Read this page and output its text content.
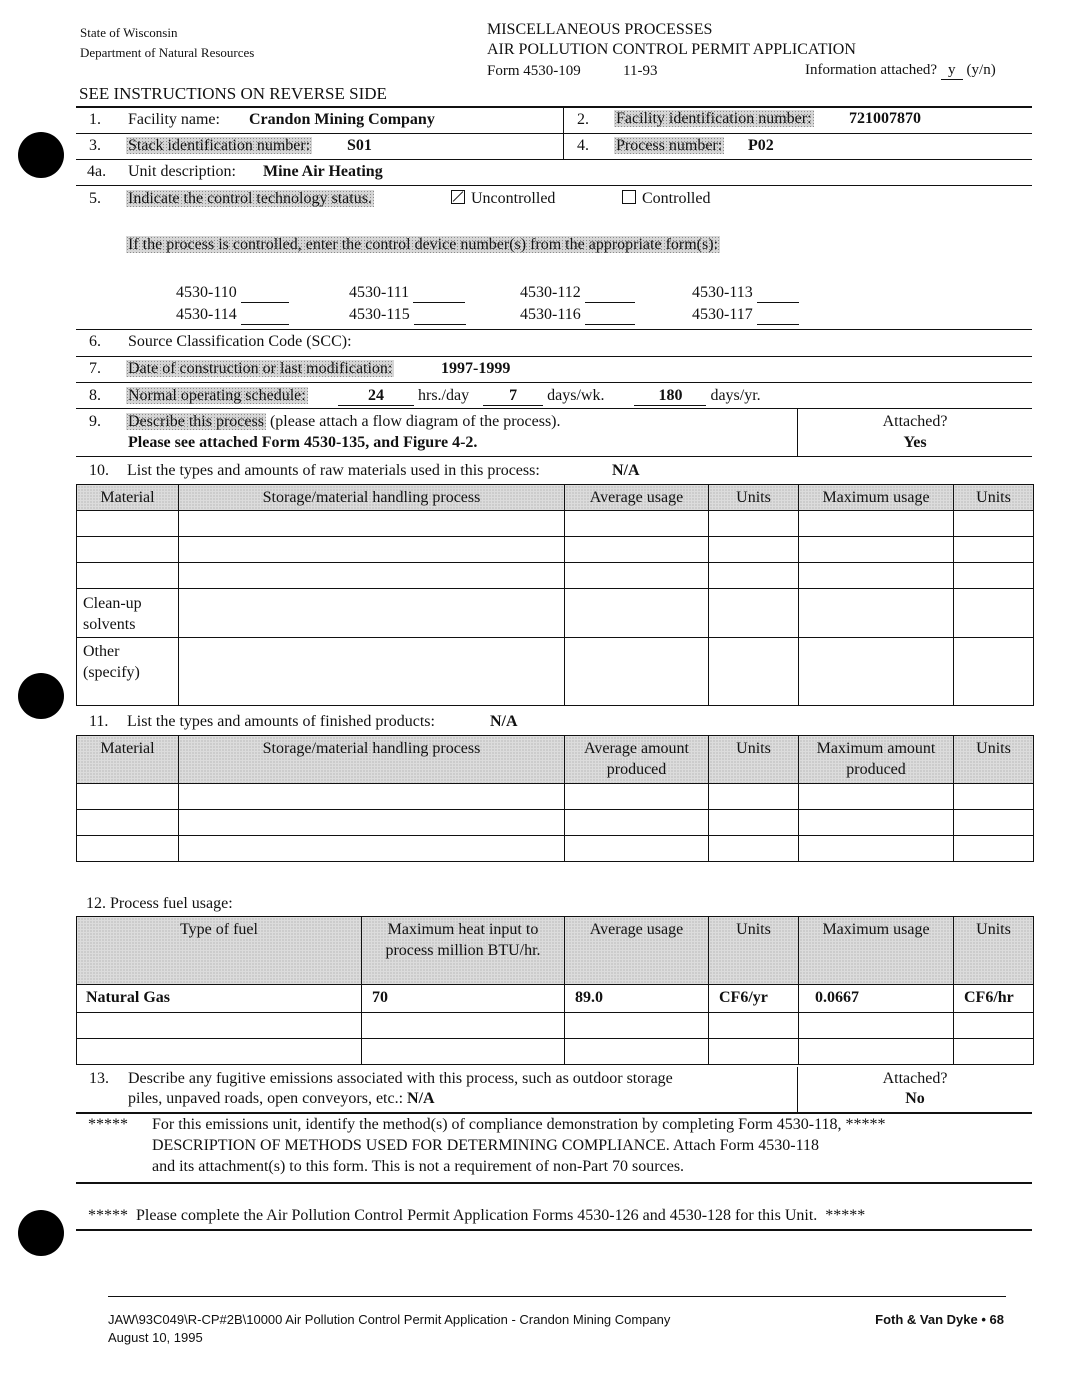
State of Wisconsin
Department of Natural Resources
MISCELLANEOUS PROCESSES
AIR POLLUTION CONTROL PERMIT APPLICATION
Form 4530-109	11-93	Information attached? y (y/n)
SEE INSTRUCTIONS ON REVERSE SIDE
1. Facility name: Crandon Mining Company	2. Facility identification number: 721007870
3. Stack identification number: S01	4. Process number: P02
4a. Unit description: Mine Air Heating
5. Indicate the control technology status.	Uncontrolled	Controlled
If the process is controlled, enter the control device number(s) from the appropriate form(s):
4530-110	4530-111	4530-112	4530-113
4530-114	4530-115	4530-116	4530-117
6. Source Classification Code (SCC):
7. Date of construction or last modification:	1997-1999
8. Normal operating schedule:	24 hrs./day	7 days/wk.	180 days/yr.
9. Describe this process (please attach a flow diagram of the process).
Please see attached Form 4530-135, and Figure 4-2.
Attached?
Yes
10. List the types and amounts of raw materials used in this process:	N/A
Material	Storage/material handling process	Average usage	Units	Maximum usage	Units

Clean-up
solvents					
Other
(specify)					
11. List the types and amounts of finished products:	N/A
Material	Storage/material handling process	Average amount produced	Units	Maximum amount produced	Units

12. Process fuel usage:
Type of fuel	Maximum heat input to process million BTU/hr.	Average usage	Units	Maximum usage	Units
Natural Gas	70	89.0	CF6/yr	0.0667	CF6/hr

13. Describe any fugitive emissions associated with this process, such as outdoor storage
piles, unpaved roads, open conveyors, etc.: N/A
Attached?
No
***** For this emissions unit, identify the method(s) of compliance demonstration by completing Form 4530-118, *****
DESCRIPTION OF METHODS USED FOR DETERMINING COMPLIANCE. Attach Form 4530-118
and its attachment(s) to this form. This is not a requirement of non-Part 70 sources.
***** Please complete the Air Pollution Control Permit Application Forms 4530-126 and 4530-128 for this Unit. *****
JAW\93C049\R-CP#2B\10000 Air Pollution Control Permit Application - Crandon Mining Company
August 10, 1995
Foth & Van Dyke • 68
